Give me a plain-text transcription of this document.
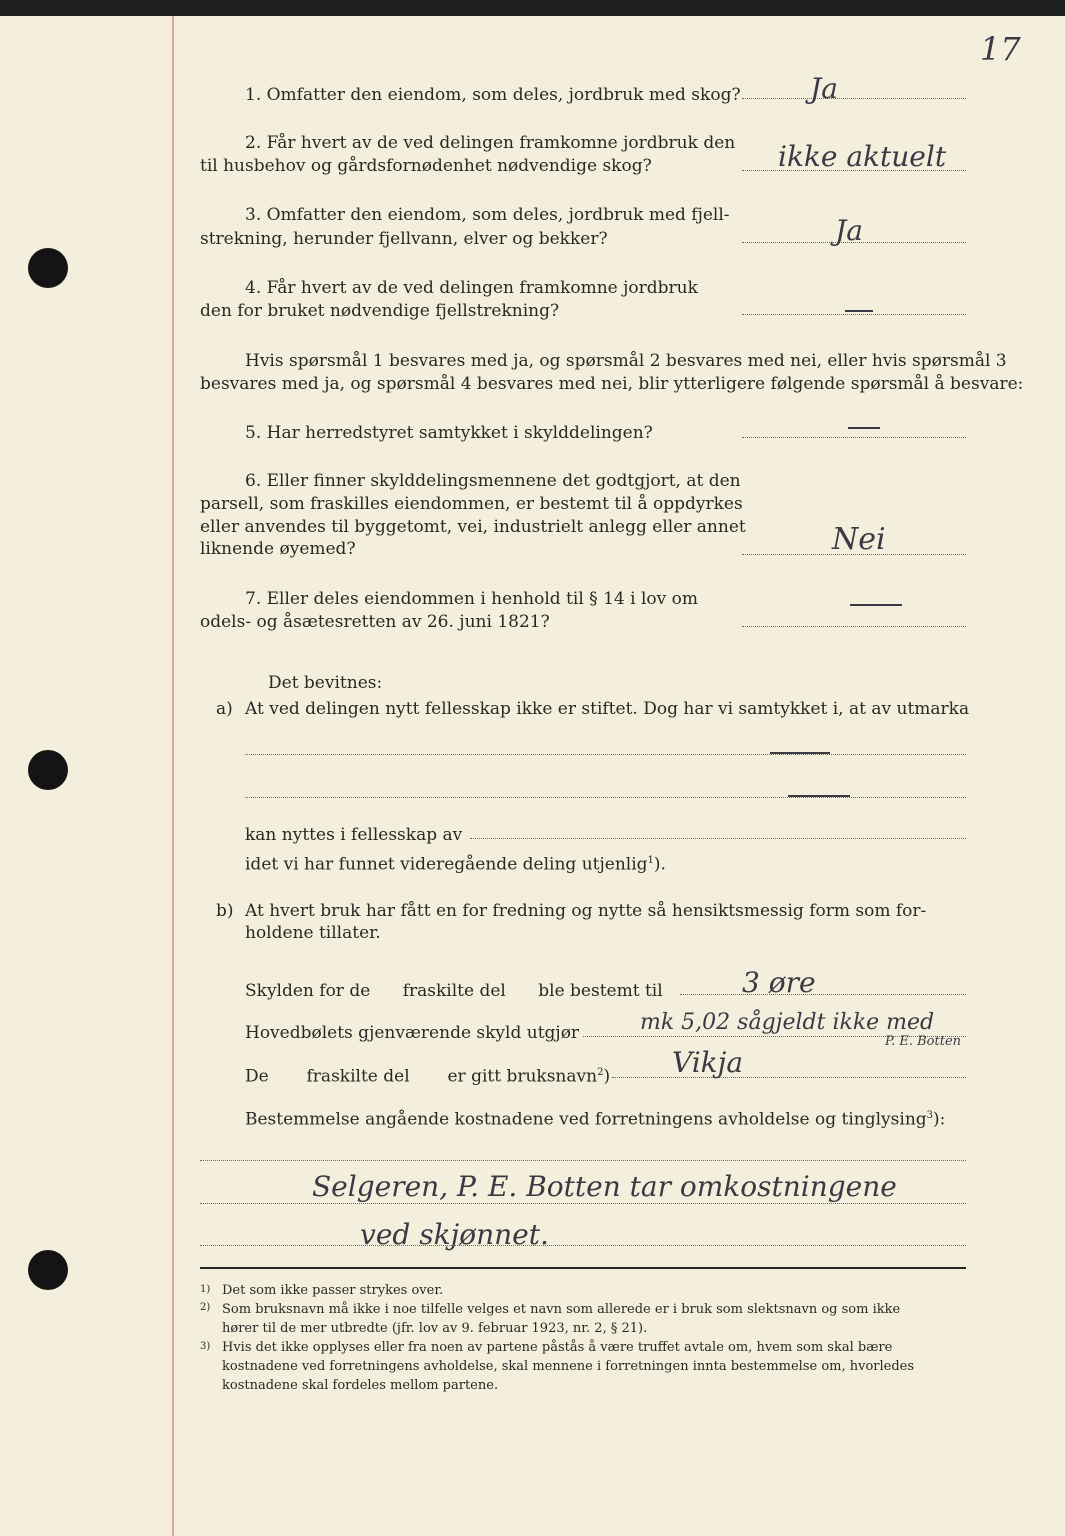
17
1. Omfatter den eiendom, som deles, jordbruk med skog? Ja
2. Får hvert av de ved delingen framkomne jordbruk den
til husbehov og gårdsfornødenhet nødvendige skog?	ikke aktuelt
3. Omfatter den eiendom, som deles, jordbruk med fjell-
strekning, herunder fjellvann, elver og bekker?	Ja
4. Får hvert av de ved delingen framkomne jordbruk
den for bruket nødvendige fjellstrekning?
Hvis spørsmål 1 besvares med ja, og spørsmål 2 besvares med nei, eller hvis spørsmål 3
besvares med ja, og spørsmål 4 besvares med nei, blir ytterligere følgende spørsmål å besvare:
5. Har herredstyret samtykket i skylddelingen?
6. Eller finner skylddelingsmennene det godtgjort, at den
parsell, som fraskilles eiendommen, er bestemt til å oppdyrkes
eller anvendes til byggetomt, vei, industrielt anlegg eller annet
liknende øyemed?	Nei
7. Eller deles eiendommen i henhold til § 14 i lov om
odels- og åsætesretten av 26. juni 1821?
Det bevitnes:
a) At ved delingen nytt fellesskap ikke er stiftet. Dog har vi samtykket i, at av utmarka
kan nyttes i fellesskap av
idet vi har funnet videregående deling utjenlig$^1$).
b) At hvert bruk har fått en for fredning og nytte så hensiktsmessig form som for-
holdene tillater.
Skylden for de      fraskilte del      ble bestemt til	3 øre
Hovedbølets gjenværende skyld utgjør	mk 5,02 sågjeldt ikke med
P. E. Botten
De       fraskilte del       er gitt bruksnavn$^2$) Vikja
Bestemmelse angående kostnadene ved forretningens avholdelse og tinglysing$^3$):
Selgeren, P. E. Botten tar omkostningene
ved skjønnet.
1) Det som ikke passer strykes over.
2) Som bruksnavn må ikke i noe tilfelle velges et navn som allerede er i bruk som slektsnavn og som ikke
hører til de mer utbredte (jfr. lov av 9. februar 1923, nr. 2, § 21).
3) Hvis det ikke opplyses eller fra noen av partene påstås å være truffet avtale om, hvem som skal bære
kostnadene ved forretningens avholdelse, skal mennene i forretningen innta bestemmelse om, hvorledes
kostnadene skal fordeles mellom partene.
